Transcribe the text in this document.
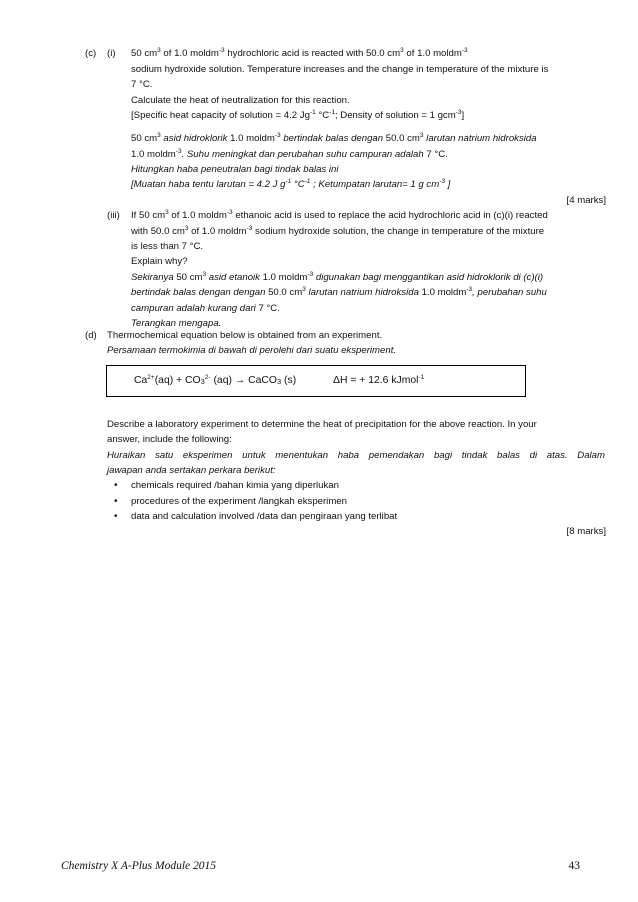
(c) (i) 50 $cm^3$ of 1.0 moldm$^{-3}$ hydrochloric acid is reacted with 50.0 $cm^3$ of 1.0 moldm$^{-3}$
sodium hydroxide solution. Temperature increases and the change in temperature of the mixture is
7 °C.
Calculate the heat of neutralization for this reaction.
[Specific heat capacity of solution = 4.2 $Jg^{-1}$ $^\circ C^{-1}$; Density of solution = 1 gcm$^{-3}$]
50 $cm^3$ asid hidroklorik 1.0 moldm$^{-3}$ bertindak balas dengan 50.0 $cm^3$ larutan natrium hidroksida
1.0 moldm$^{-3}$. Suhu meningkat dan perubahan suhu campuran adalah 7 °C.
Hitungkan haba peneutralan bagi tindak balas ini
[Muatan haba tentu larutan = 4.2 J $g^{-1}$ $^\circ C^{-1}$ ; Ketumpatan larutan= 1 g $cm^{-3}$ ]
[4 marks]
(iii) If 50 $cm^3$ of 1.0 moldm$^{-3}$ ethanoic acid is used to replace the acid hydrochloric acid in (c)(i) reacted
with 50.0 $cm^3$ of 1.0 moldm$^{-3}$ sodium hydroxide solution, the change in temperature of the mixture
is less than 7 °C.
Explain why?
Sekiranya 50 $cm^3$ asid etanoik 1.0 moldm$^{-3}$ digunakan bagi menggantikan asid hidroklorik di (c)(i)
bertindak balas dengan dengan 50.0 $cm^3$ larutan natrium hidroksida 1.0 moldm$^{-3}$, perubahan suhu
campuran adalah kurang dari 7 °C.
Terangkan mengapa.
(d) Thermochemical equation below is obtained from an experiment.
Persamaan termokimia di bawah di perolehi dari suatu eksperiment.
$Ca^{2+}(aq) + CO3^{2-}$ (aq) → CaCO3 (s)	ΔH = + 12.6 kJmol$^{-1}$
Describe a laboratory experiment to determine the heat of precipitation for the above reaction. In your
answer, include the following:
Huraikan satu eksperimen untuk menentukan haba pemendakan bagi tindak balas di atas. Dalam
jawapan anda sertakan perkara berikut:
• chemicals required /bahan kimia yang diperlukan
• procedures of the experiment /langkah eksperimen
• data and calculation involved /data dan pengiraan yang terlibat
[8 marks]
Chemistry X A-Plus Module 2015	43
